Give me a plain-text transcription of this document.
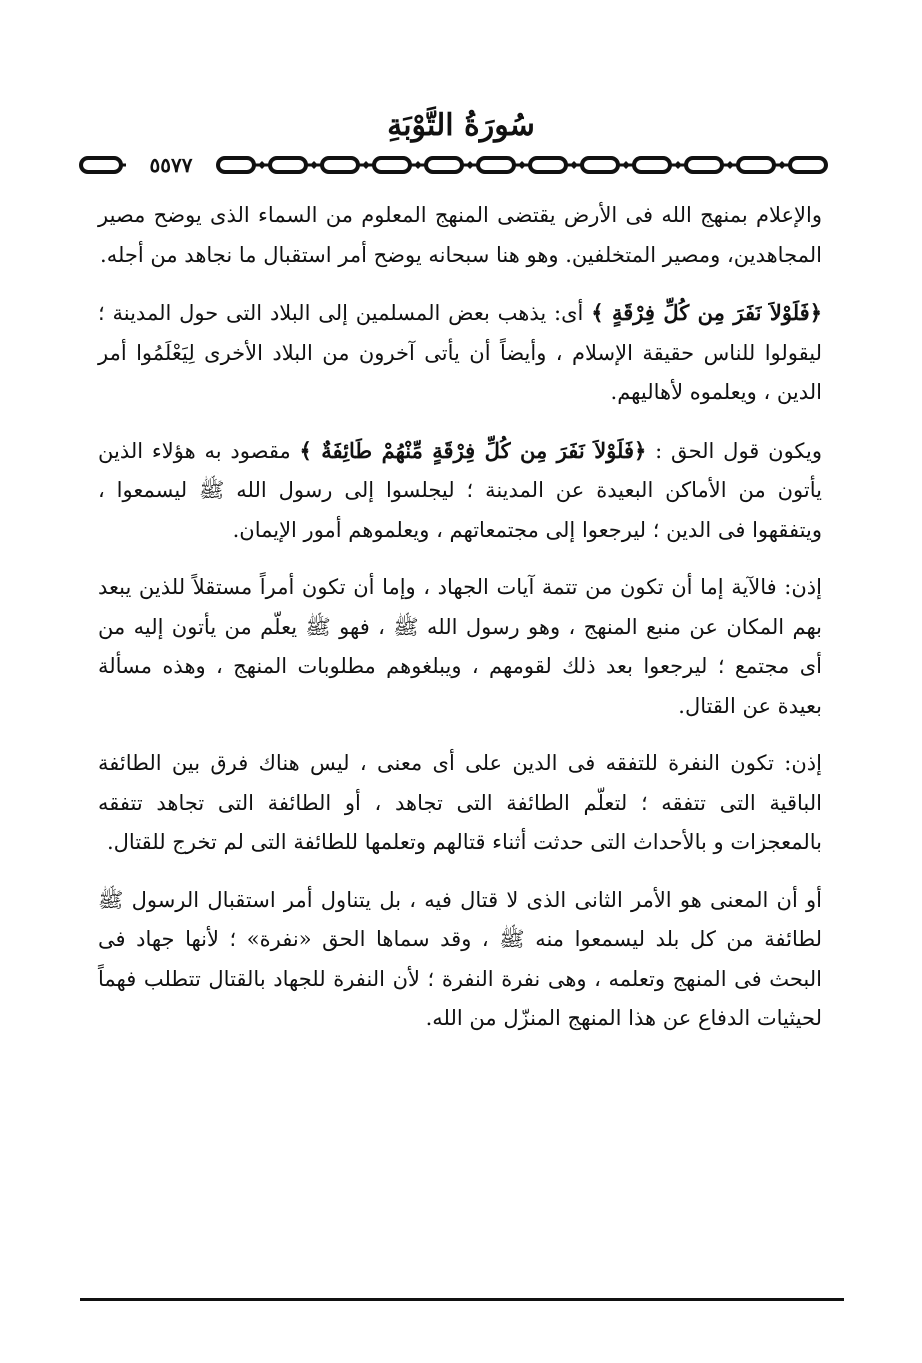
سُورَةُ التَّوْبَةِ
٥٥٧٧

والإعلام بمنهج الله فى الأرض يقتضى المنهج المعلوم من السماء الذى يوضح مصير المجاهدين، ومصير المتخلفين. وهو هنا سبحانه يوضح أمر استقبال ما نجاهد من أجله.

﴿فَلَوْلاَ نَفَرَ مِن كُلِّ فِرْقَةٍ ﴾ أى: يذهب بعض المسلمين إلى البلاد التى حول المدينة ؛ ليقولوا للناس حقيقة الإسلام ، وأيضاً أن يأتى آخرون من البلاد الأخرى لِيَعْلَمُوا أمر الدين ، ويعلموه لأهاليهم.

ويكون قول الحق : ﴿فَلَوْلاَ نَفَرَ مِن كُلِّ فِرْقَةٍ مِّنْهُمْ طَائِفَةٌ ﴾ مقصود به هؤلاء الذين يأتون من الأماكن البعيدة عن المدينة ؛ ليجلسوا إلى رسول الله ﷺ ليسمعوا ، ويتفقهوا فى الدين ؛ ليرجعوا إلى مجتمعاتهم ، ويعلموهم أمور الإيمان.

إذن: فالآية إما أن تكون من تتمة آيات الجهاد ، وإما أن تكون أمراً مستقلاً للذين يبعد بهم المكان عن منبع المنهج ، وهو رسول الله ﷺ ، فهو ﷺ يعلّم من يأتون إليه من أى مجتمع ؛ ليرجعوا بعد ذلك لقومهم ، ويبلغوهم مطلوبات المنهج ، وهذه مسألة بعيدة عن القتال.

إذن: تكون النفرة للتفقه فى الدين على أى معنى ، ليس هناك فرق بين الطائفة الباقية التى تتفقه ؛ لتعلّم الطائفة التى تجاهد ، أو الطائفة التى تجاهد تتفقه بالمعجزات و بالأحداث التى حدثت أثناء قتالهم وتعلمها للطائفة التى لم تخرج للقتال.

أو أن المعنى هو الأمر الثانى الذى لا قتال فيه ، بل يتناول أمر استقبال الرسول ﷺ لطائفة من كل بلد ليسمعوا منه ﷺ ، وقد سماها الحق «نفرة» ؛ لأنها جهاد فى البحث فى المنهج وتعلمه ، وهى نفرة النفرة ؛ لأن النفرة للجهاد بالقتال تتطلب فهماً لحيثيات الدفاع عن هذا المنهج المنزّل من الله.
